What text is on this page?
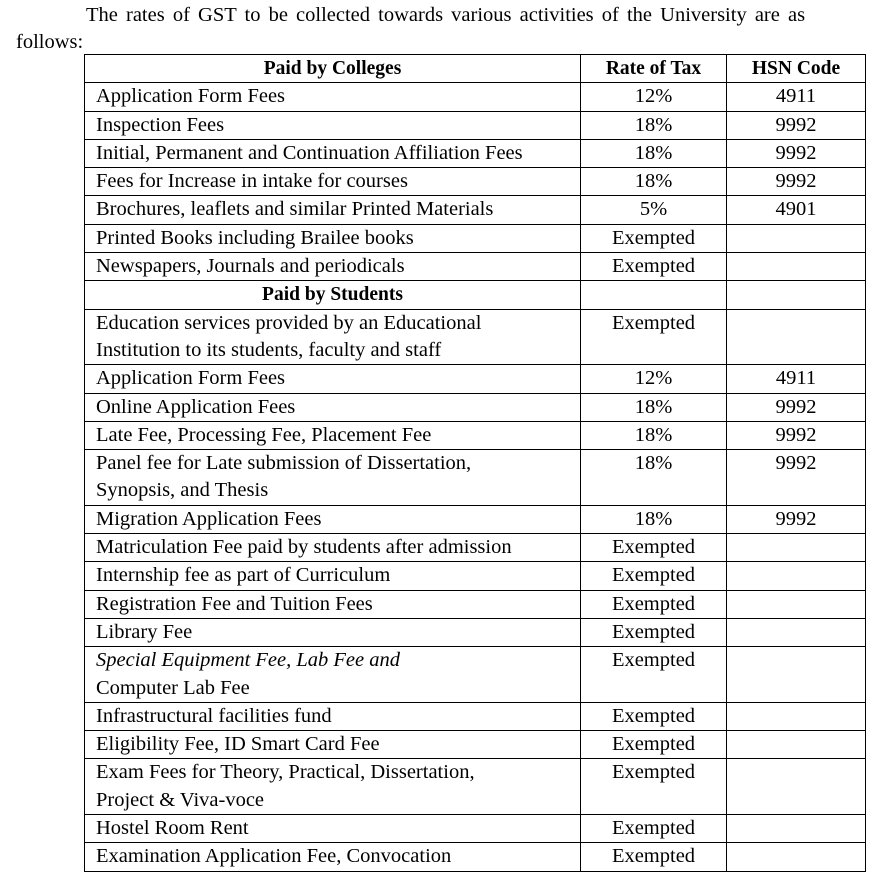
The rates of GST to be collected towards various activities of the University are as
follows:
Paid by Colleges	Rate of Tax	HSN Code
Application Form Fees	12%	4911
Inspection Fees	18%	9992
Initial, Permanent and Continuation Affiliation Fees	18%	9992
Fees for Increase in intake for courses	18%	9992
Brochures, leaflets and similar Printed Materials	5%	4901
Printed Books including Brailee books	Exempted	
Newspapers, Journals and periodicals	Exempted	
Paid by Students		

Education services provided by an Educational
Institution to its students, faculty and staff	Exempted	

Application Form Fees	12%	4911

Online Application Fees	18%	9992

Late Fee, Processing Fee, Placement Fee	18%	9992

Panel fee for Late submission of Dissertation,
Synopsis, and Thesis	18%	9992

Migration Application Fees	18%	9992

Matriculation Fee paid by students after admission	Exempted	

Internship fee as part of Curriculum	Exempted	

Registration Fee and Tuition Fees	Exempted	

Library Fee	Exempted	

Special Equipment Fee, Lab Fee and
Computer Lab Fee	Exempted	

Infrastructural facilities fund	Exempted	

Eligibility Fee, ID Smart Card Fee	Exempted	

Exam Fees for Theory, Practical, Dissertation,
Project & Viva-voce	Exempted	

Hostel Room Rent	Exempted	

Examination Application Fee, Convocation	Exempted	
